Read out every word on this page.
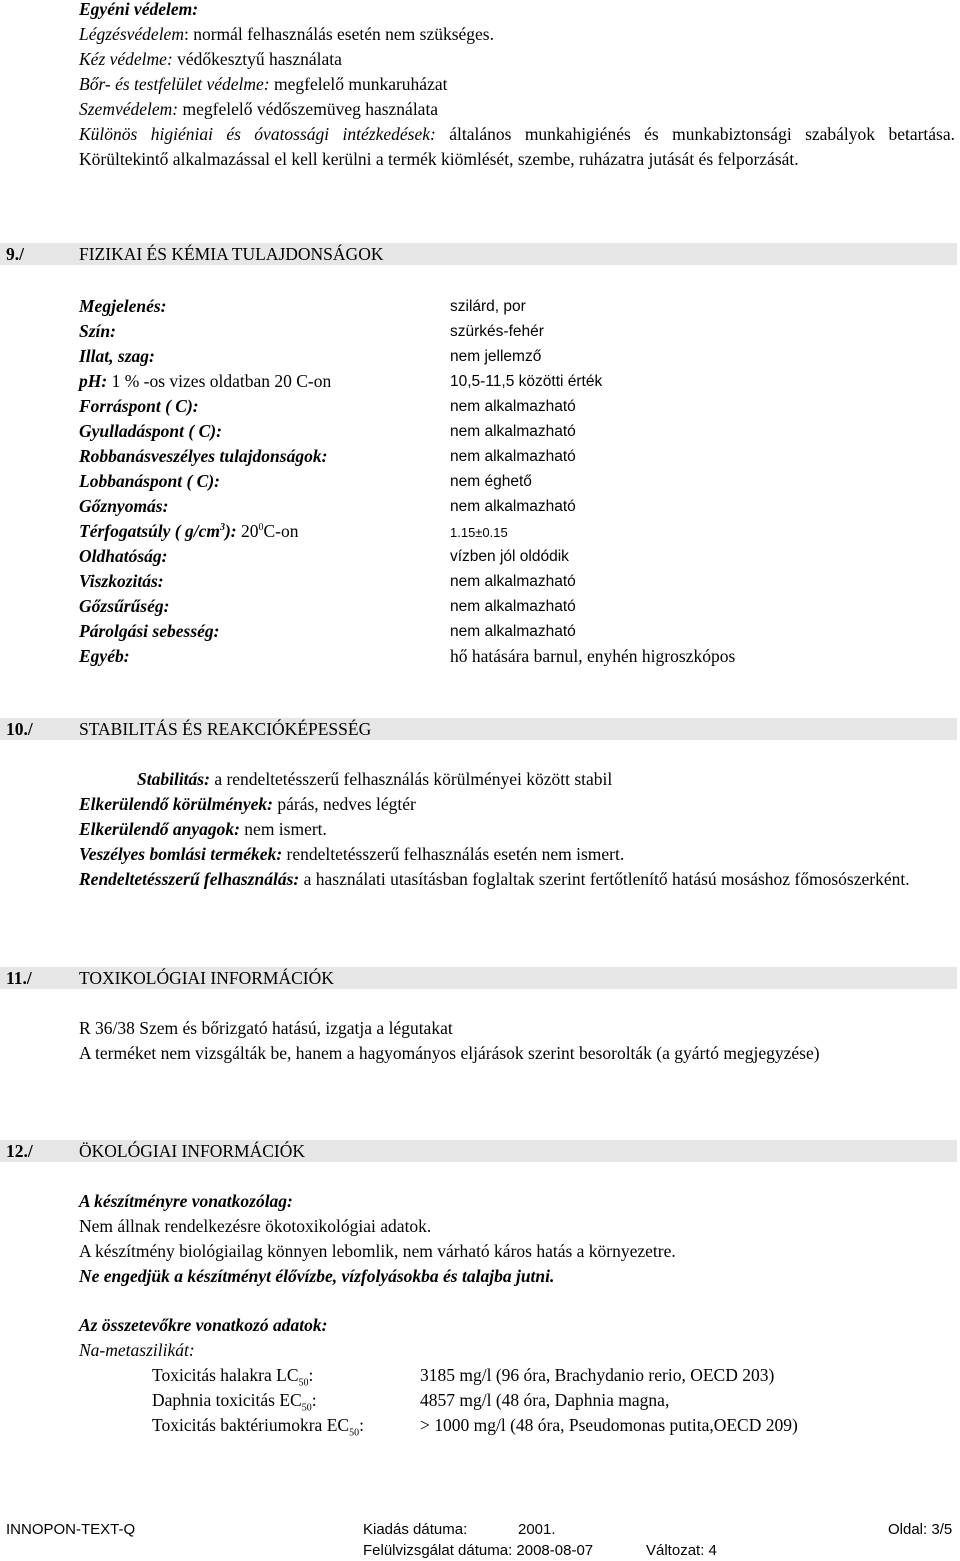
Egyéni védelem:
Légzésvédelem: normál felhasználás esetén nem szükséges.
Kéz védelme: védőkesztyű használata
Bőr- és testfelület védelme: megfelelő munkaruházat
Szemvédelem: megfelelő védőszemüveg használata
Különös higiéniai és óvatossági intézkedések: általános munkahigiénés és munkabiztonsági szabályok betartása. Körültekintő alkalmazással el kell kerülni a termék kiömlését, szembe, ruházatra jutását és felporzását.
9./	FIZIKAI ÉS KÉMIA TULAJDONSÁGOK
Megjelenés:	szilárd, por
Szín:	szürkés-fehér
Illat, szag:	nem jellemző
pH: 1 % -os vizes oldatban 20 C-on	10,5-11,5 közötti érték
Forráspont ( C):	nem alkalmazható
Gyulladáspont ( C):	nem alkalmazható
Robbanásveszélyes tulajdonságok:	nem alkalmazható
Lobbanáspont ( C):	nem éghető
Gőznyomás:	nem alkalmazható
Térfogatsúly ( $g/cm^3$): $20^0C-on$	1.15±0.15
Oldhatóság:	vízben jól oldódik
Viszkozitás:	nem alkalmazható
Gőzsűrűség:	nem alkalmazható
Párolgási sebesség:	nem alkalmazható
Egyéb:	hő hatására barnul, enyhén higroszkópos
10./	STABILITÁS ÉS REAKCIÓKÉPESSÉG
Stabilitás: a rendeltetésszerű felhasználás körülményei között stabil
Elkerülendő körülmények: párás, nedves légtér
Elkerülendő anyagok: nem ismert.
Veszélyes bomlási termékek: rendeltetésszerű felhasználás esetén nem ismert.
Rendeltetésszerű felhasználás: a használati utasításban foglaltak szerint fertőtlenítő hatású mosáshoz főmosószerként.
11./	TOXIKOLÓGIAI INFORMÁCIÓK
R 36/38 Szem és bőrizgató hatású, izgatja a légutakat
A terméket nem vizsgálták be, hanem a hagyományos eljárások szerint besorolták (a gyártó megjegyzése)
12./	ÖKOLÓGIAI INFORMÁCIÓK
A készítményre vonatkozólag:
Nem állnak rendelkezésre ökotoxikológiai adatok.
A készítmény biológiailag könnyen lebomlik, nem várható káros hatás a környezetre.
Ne engedjük a készítményt élővízbe, vízfolyásokba és talajba jutni.
Az összetevőkre vonatkozó adatok:
Na-metaszilikát:
Toxicitás halakra $LC_{50}$:	3185 mg/l (96 óra, Brachydanio rerio, OECD 203)
Daphnia toxicitás $EC_{50}$:	4857 mg/l (48 óra, Daphnia magna,
Toxicitás baktériumokra $EC_{50}$:	> 1000 mg/l (48 óra, Pseudomonas putita,OECD 209)
INNOPON-TEXT-Q	Kiadás dátuma:	2001.	Oldal: 3/5
Felülvizsgálat dátuma: 2008-08-07	Változat: 4
